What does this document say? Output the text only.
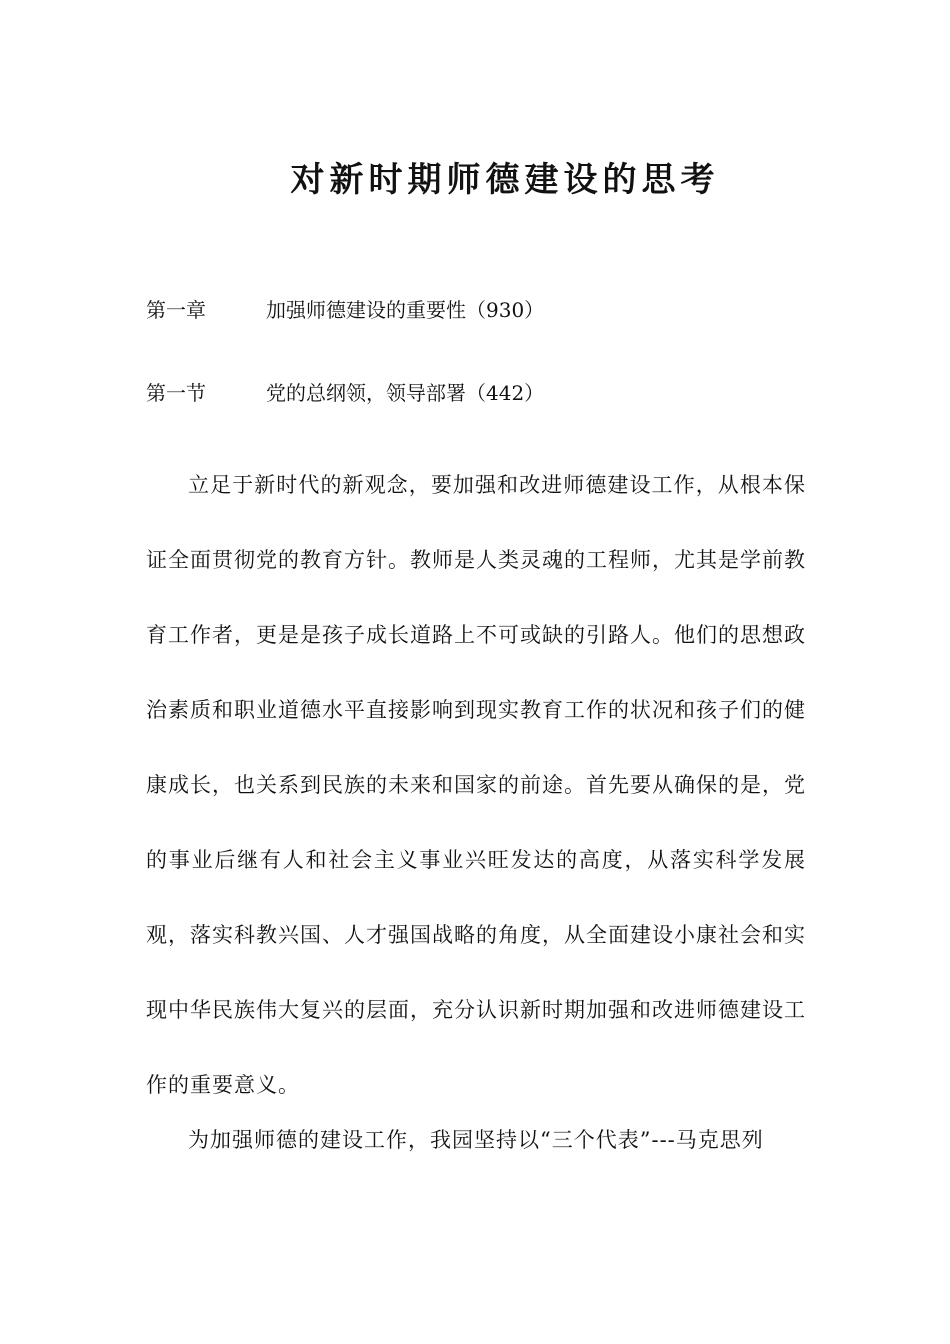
对新时期师德建设的思考
第一章	加强师德建设的重要性（930）
第一节	党的总纲领，领导部署（442）

立足于新时代的新观念，要加强和改进师德建设工作，从根本保证全面贯彻党的教育方针。教师是人类灵魂的工程师，尤其是学前教育工作者，更是是孩子成长道路上不可或缺的引路人。他们的思想政治素质和职业道德水平直接影响到现实教育工作的状况和孩子们的健康成长，也关系到民族的未来和国家的前途。首先要从确保的是，党的事业后继有人和社会主义事业兴旺发达的高度，从落实科学发展观，落实科教兴国、人才强国战略的角度，从全面建设小康社会和实现中华民族伟大复兴的层面，充分认识新时期加强和改进师德建设工作的重要意义。

为加强师德的建设工作，我园坚持以“三个代表”---马克思列
